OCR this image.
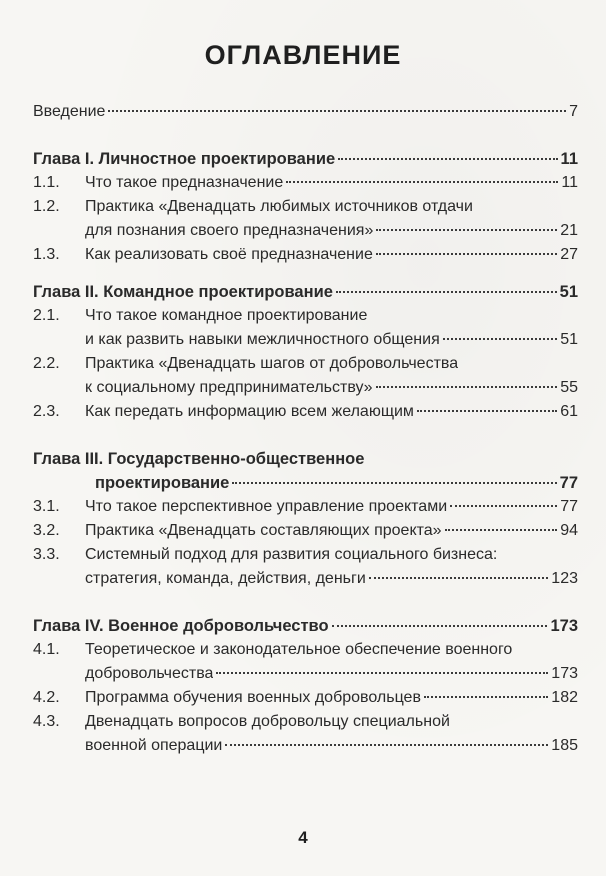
ОГЛАВЛЕНИЕ
Введение	7
Глава I. Личностное проектирование	11
1.1.	Что такое предназначение	11
1.2.	Практика «Двенадцать любимых источников отдачи
для познания своего предназначения»	21
1.3.	Как реализовать своё предназначение	27
Глава II. Командное проектирование	51
2.1.	Что такое командное проектирование
и как развить навыки межличностного общения	51
2.2.	Практика «Двенадцать шагов от добровольчества
к социальному предпринимательству»	55
2.3.	Как передать информацию всем желающим	61
Глава III. Государственно-общественное
проектирование	77
3.1.	Что такое перспективное управление проектами	77
3.2.	Практика «Двенадцать составляющих проекта»	94
3.3.	Системный подход для развития социального бизнеса:
стратегия, команда, действия, деньги	123
Глава IV. Военное добровольчество	173
4.1.	Теоретическое и законодательное обеспечение военного
добровольчества	173
4.2.	Программа обучения военных добровольцев	182
4.3.	Двенадцать вопросов добровольцу специальной
военной операции	185
4
